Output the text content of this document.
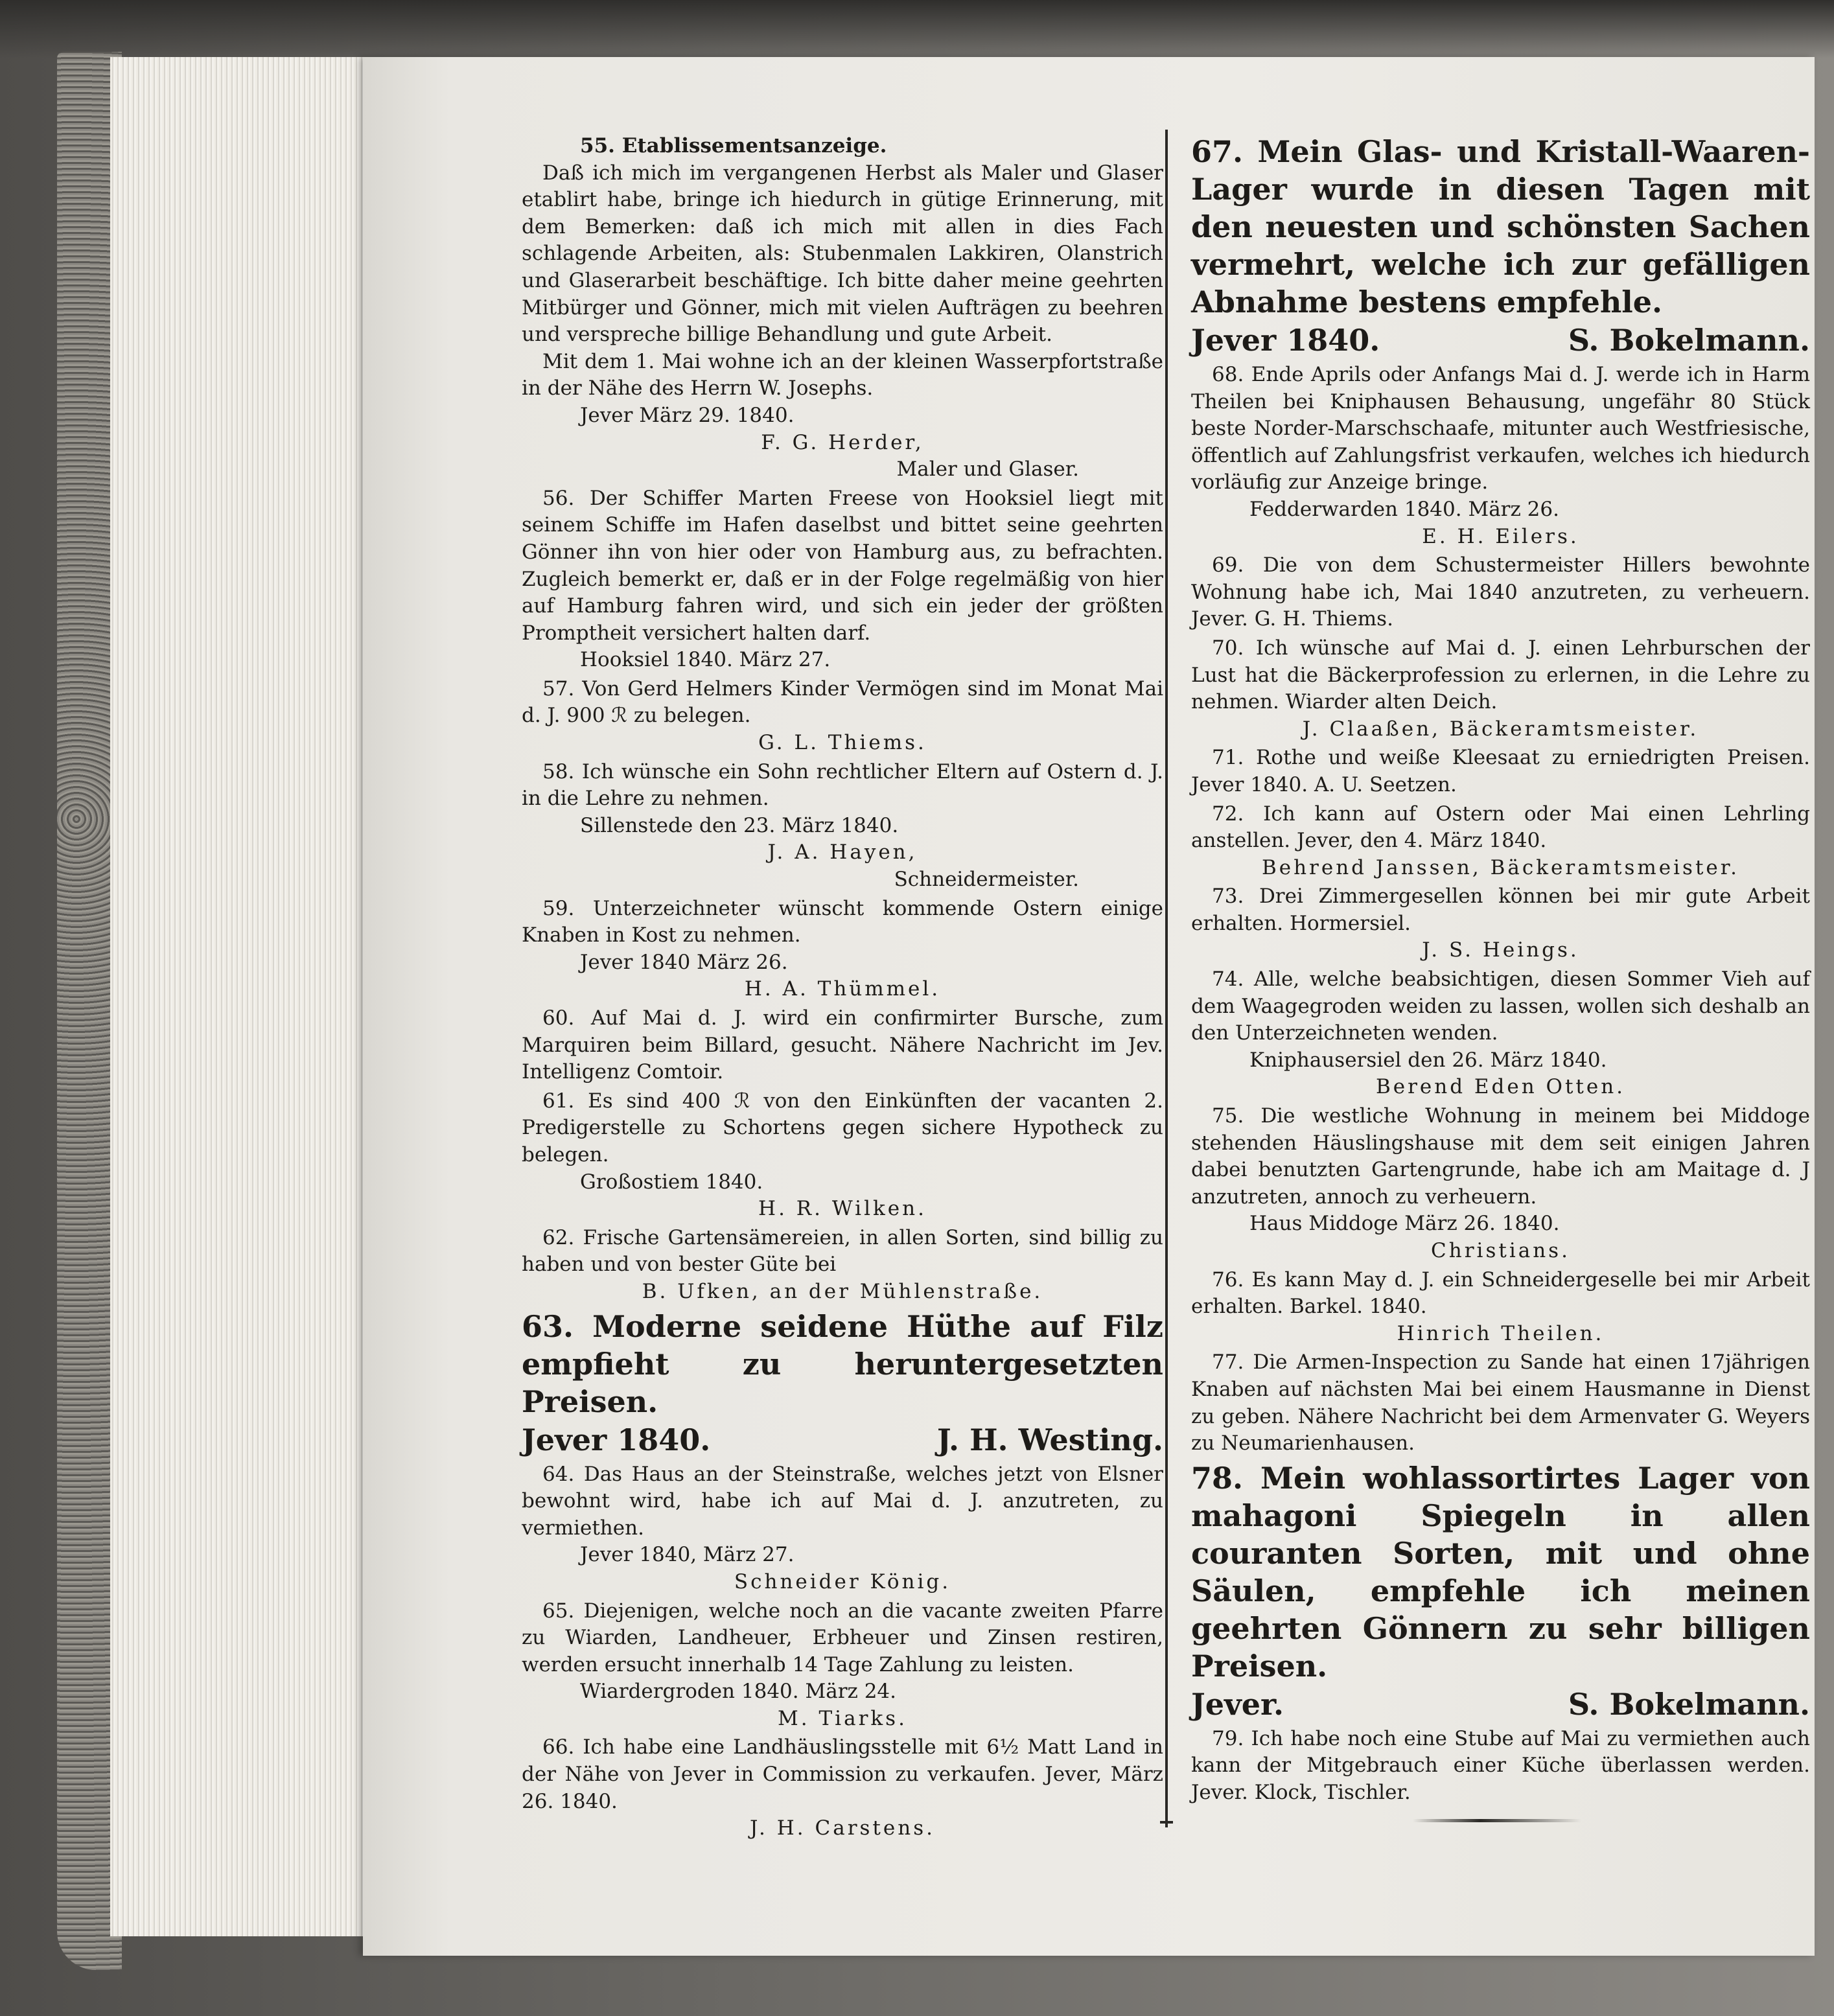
55. Etablissementsanzeige.

Daß ich mich im vergangenen Herbst als Maler und Glaser etablirt habe, bringe ich hiedurch in gütige Erinnerung, mit dem Bemerken: daß ich mich mit allen in dies Fach schlagende Arbeiten, als: Stubenmalen Lakkiren, Olanstrich und Glaserarbeit beschäftige. Ich bitte daher meine geehrten Mitbürger und Gönner, mich mit vielen Aufträgen zu beehren und verspreche billige Behandlung und gute Arbeit.

Mit dem 1. Mai wohne ich an der kleinen Wasserpfortstraße in der Nähe des Herrn W. Josephs.

Jever März 29. 1840.

F. G. Herder,

Maler und Glaser.

56. Der Schiffer Marten Freese von Hooksiel liegt mit seinem Schiffe im Hafen daselbst und bittet seine geehrten Gönner ihn von hier oder von Hamburg aus, zu befrachten. Zugleich bemerkt er, daß er in der Folge regelmäßig von hier auf Hamburg fahren wird, und sich ein jeder der größten Promptheit versichert halten darf.

Hooksiel 1840. März 27.

57. Von Gerd Helmers Kinder Vermögen sind im Monat Mai d. J. 900 ℛ zu belegen.

G. L. Thiems.

58. Ich wünsche ein Sohn rechtlicher Eltern auf Ostern d. J. in die Lehre zu nehmen.

Sillenstede den 23. März 1840.

J. A. Hayen,

Schneidermeister.

59. Unterzeichneter wünscht kommende Ostern einige Knaben in Kost zu nehmen.

Jever 1840 März 26.

H. A. Thümmel.

60. Auf Mai d. J. wird ein confirmirter Bursche, zum Marquiren beim Billard, gesucht. Nähere Nachricht im Jev. Intelligenz Comtoir.

61. Es sind 400 ℛ von den Einkünften der vacanten 2. Predigerstelle zu Schortens gegen sichere Hypotheck zu belegen.

Großostiem 1840.

H. R. Wilken.

62. Frische Gartensämereien, in allen Sorten, sind billig zu haben und von bester Güte bei

B. Ufken, an der Mühlenstraße.

63. Moderne seidene Hüthe auf Filz empfieht zu heruntergesetzten Preisen.

Jever 1840.	J. H. Westing.

64. Das Haus an der Steinstraße, welches jetzt von Elsner bewohnt wird, habe ich auf Mai d. J. anzutreten, zu vermiethen.

Jever 1840, März 27.

Schneider König.

65. Diejenigen, welche noch an die vacante zweiten Pfarre zu Wiarden, Landheuer, Erbheuer und Zinsen restiren, werden ersucht innerhalb 14 Tage Zahlung zu leisten.

Wiardergroden 1840. März 24.

M. Tiarks.

66. Ich habe eine Landhäuslingsstelle mit 6½ Matt Land in der Nähe von Jever in Commission zu verkaufen. Jever, März 26. 1840.

J. H. Carstens.

67. Mein Glas- und Kristall-Waaren-Lager wurde in diesen Tagen mit den neuesten und schönsten Sachen vermehrt, welche ich zur gefälligen Abnahme bestens empfehle.

Jever 1840.	S. Bokelmann.

68. Ende Aprils oder Anfangs Mai d. J. werde ich in Harm Theilen bei Kniphausen Behausung, ungefähr 80 Stück beste Norder-Marschschaafe, mitunter auch Westfriesische, öffentlich auf Zahlungsfrist verkaufen, welches ich hiedurch vorläufig zur Anzeige bringe.

Fedderwarden 1840. März 26.

E. H. Eilers.

69. Die von dem Schustermeister Hillers bewohnte Wohnung habe ich, Mai 1840 anzutreten, zu verheuern. Jever. G. H. Thiems.

70. Ich wünsche auf Mai d. J. einen Lehrburschen der Lust hat die Bäckerprofession zu erlernen, in die Lehre zu nehmen. Wiarder alten Deich.

J. Claaßen, Bäckeramtsmeister.

71. Rothe und weiße Kleesaat zu erniedrigten Preisen. Jever 1840. A. U. Seetzen.

72. Ich kann auf Ostern oder Mai einen Lehrling anstellen. Jever, den 4. März 1840.

Behrend Janssen, Bäckeramtsmeister.

73. Drei Zimmergesellen können bei mir gute Arbeit erhalten. Hormersiel.

J. S. Heings.

74. Alle, welche beabsichtigen, diesen Sommer Vieh auf dem Waagegroden weiden zu lassen, wollen sich deshalb an den Unterzeichneten wenden.

Kniphausersiel den 26. März 1840.

Berend Eden Otten.

75. Die westliche Wohnung in meinem bei Middoge stehenden Häuslingshause mit dem seit einigen Jahren dabei benutzten Gartengrunde, habe ich am Maitage d. J anzutreten, annoch zu verheuern.

Haus Middoge März 26. 1840.

Christians.

76. Es kann May d. J. ein Schneidergeselle bei mir Arbeit erhalten. Barkel. 1840.

Hinrich Theilen.

77. Die Armen-Inspection zu Sande hat einen 17jährigen Knaben auf nächsten Mai bei einem Hausmanne in Dienst zu geben. Nähere Nachricht bei dem Armenvater G. Weyers zu Neumarienhausen.

78. Mein wohlassortirtes Lager von mahagoni Spiegeln in allen couranten Sorten, mit und ohne Säulen, empfehle ich meinen geehrten Gönnern zu sehr billigen Preisen.

Jever.	S. Bokelmann.

79. Ich habe noch eine Stube auf Mai zu vermiethen auch kann der Mitgebrauch einer Küche überlassen werden. Jever. Klock, Tischler.
